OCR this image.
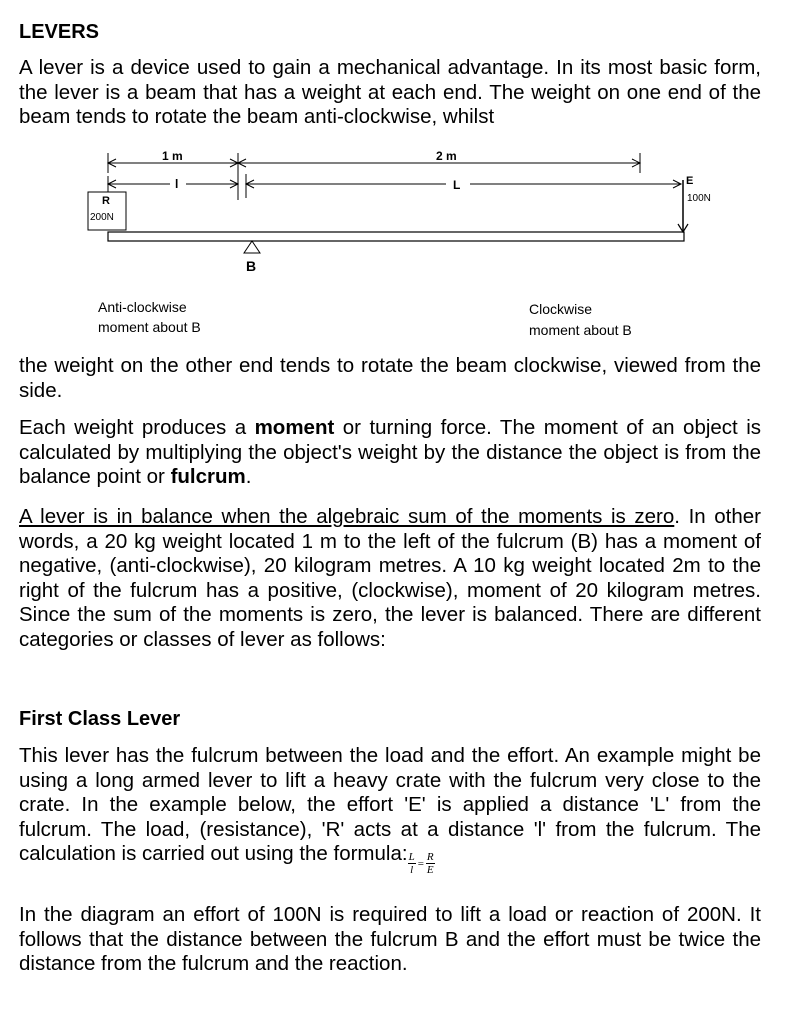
LEVERS
A lever is a device used to gain a mechanical advantage. In its most basic form, the lever is a beam that has a weight at each end. The weight on one end of the beam tends to rotate the beam anti-clockwise, whilst
1 m	2 m
l	L
R
200N
E
100N
B
Anti-clockwise
moment about B
Clockwise
moment about B
the weight on the other end tends to rotate the beam clockwise, viewed from the side.
Each weight produces a moment or turning force. The moment of an object is calculated by multiplying the object's weight by the distance the object is from the balance point or fulcrum.
A lever is in balance when the algebraic sum of the moments is zero. In other words, a 20 kg weight located 1 m to the left of the fulcrum (B) has a moment of negative, (anti-clockwise), 20 kilogram metres. A 10 kg weight located 2m to the right of the fulcrum has a positive, (clockwise), moment of 20 kilogram metres. Since the sum of the moments is zero, the lever is balanced. There are different categories or classes of lever as follows:
First Class Lever
This lever has the fulcrum between the load and the effort. An example might be using a long armed lever to lift a heavy crate with the fulcrum very close to the crate. In the example below, the effort 'E' is applied a distance 'L' from the fulcrum. The load, (resistance), 'R' acts at a distance 'l' from the fulcrum. The calculation is carried out using the formula: $\frac{L}{l} = \frac{R}{E}$
In the diagram an effort of 100N is required to lift a load or reaction of 200N. It follows that the distance between the fulcrum B and the effort must be twice the distance from the fulcrum and the reaction.
